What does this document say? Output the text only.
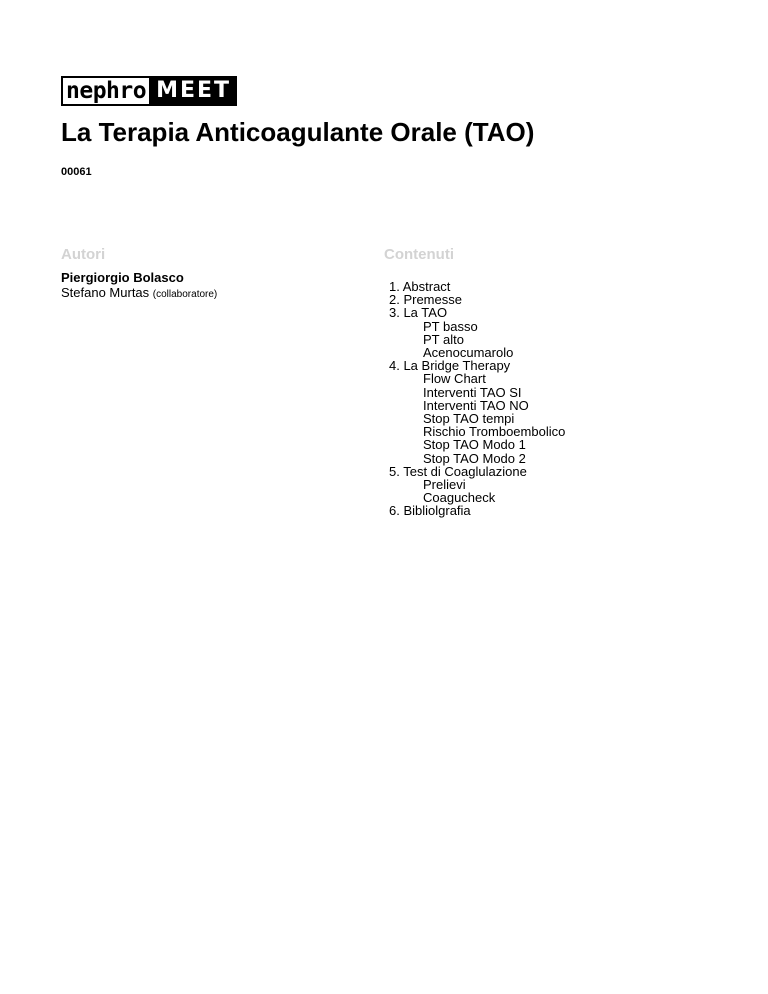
nephro MEET
La Terapia Anticoagulante Orale (TAO)
00061
Autori
Piergiorgio Bolasco
Stefano Murtas (collaboratore)
Contenuti
1. Abstract
2. Premesse
3. La TAO
PT basso
PT alto
Acenocumarolo
4. La Bridge Therapy
Flow Chart
Interventi TAO SI
Interventi TAO NO
Stop TAO tempi
Rischio Tromboembolico
Stop TAO Modo 1
Stop TAO Modo 2
5. Test di Coaglulazione
Prelievi
Coagucheck
6. Bibliolgrafia
